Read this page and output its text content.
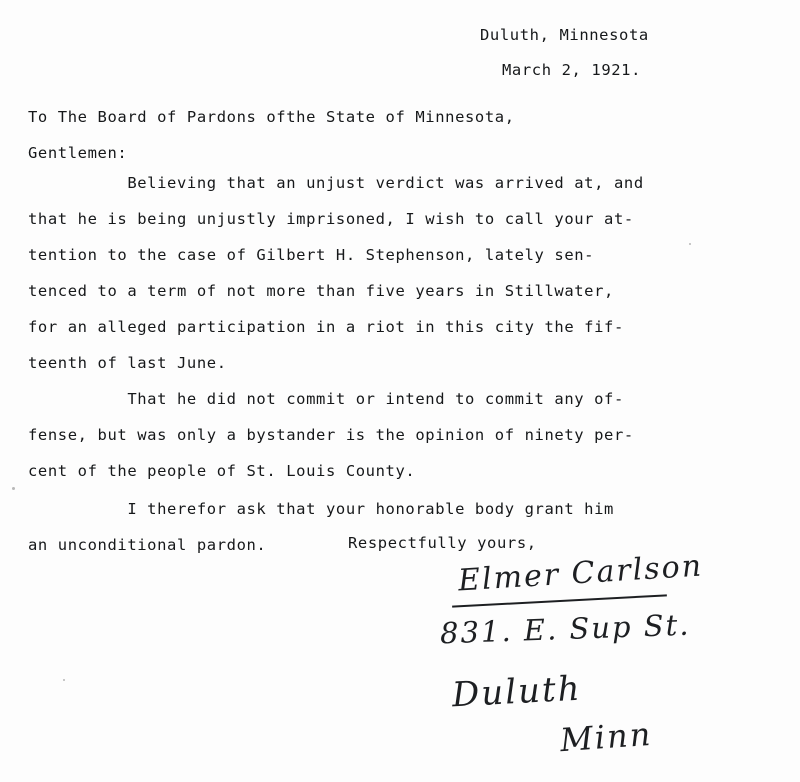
Duluth, Minnesota
March 2, 1921.
To The Board of Pardons ofthe State of Minnesota,
Gentlemen:
Believing that an unjust verdict was arrived at, and
that he is being unjustly imprisoned, I wish to call your at-
tention to the case of Gilbert H. Stephenson, lately sen-
tenced to a term of not more than five years in Stillwater,
for an alleged participation in a riot in this city the fif-
teenth of last June.
That he did not commit or intend to commit any of-
fense, but was only a bystander is the opinion of ninety per-
cent of the people of St. Louis County.
I therefor ask that your honorable body grant him
an unconditional pardon.	Respectfully yours,
Elmer Carlson
831. E. Sup St.
Duluth
Minn
